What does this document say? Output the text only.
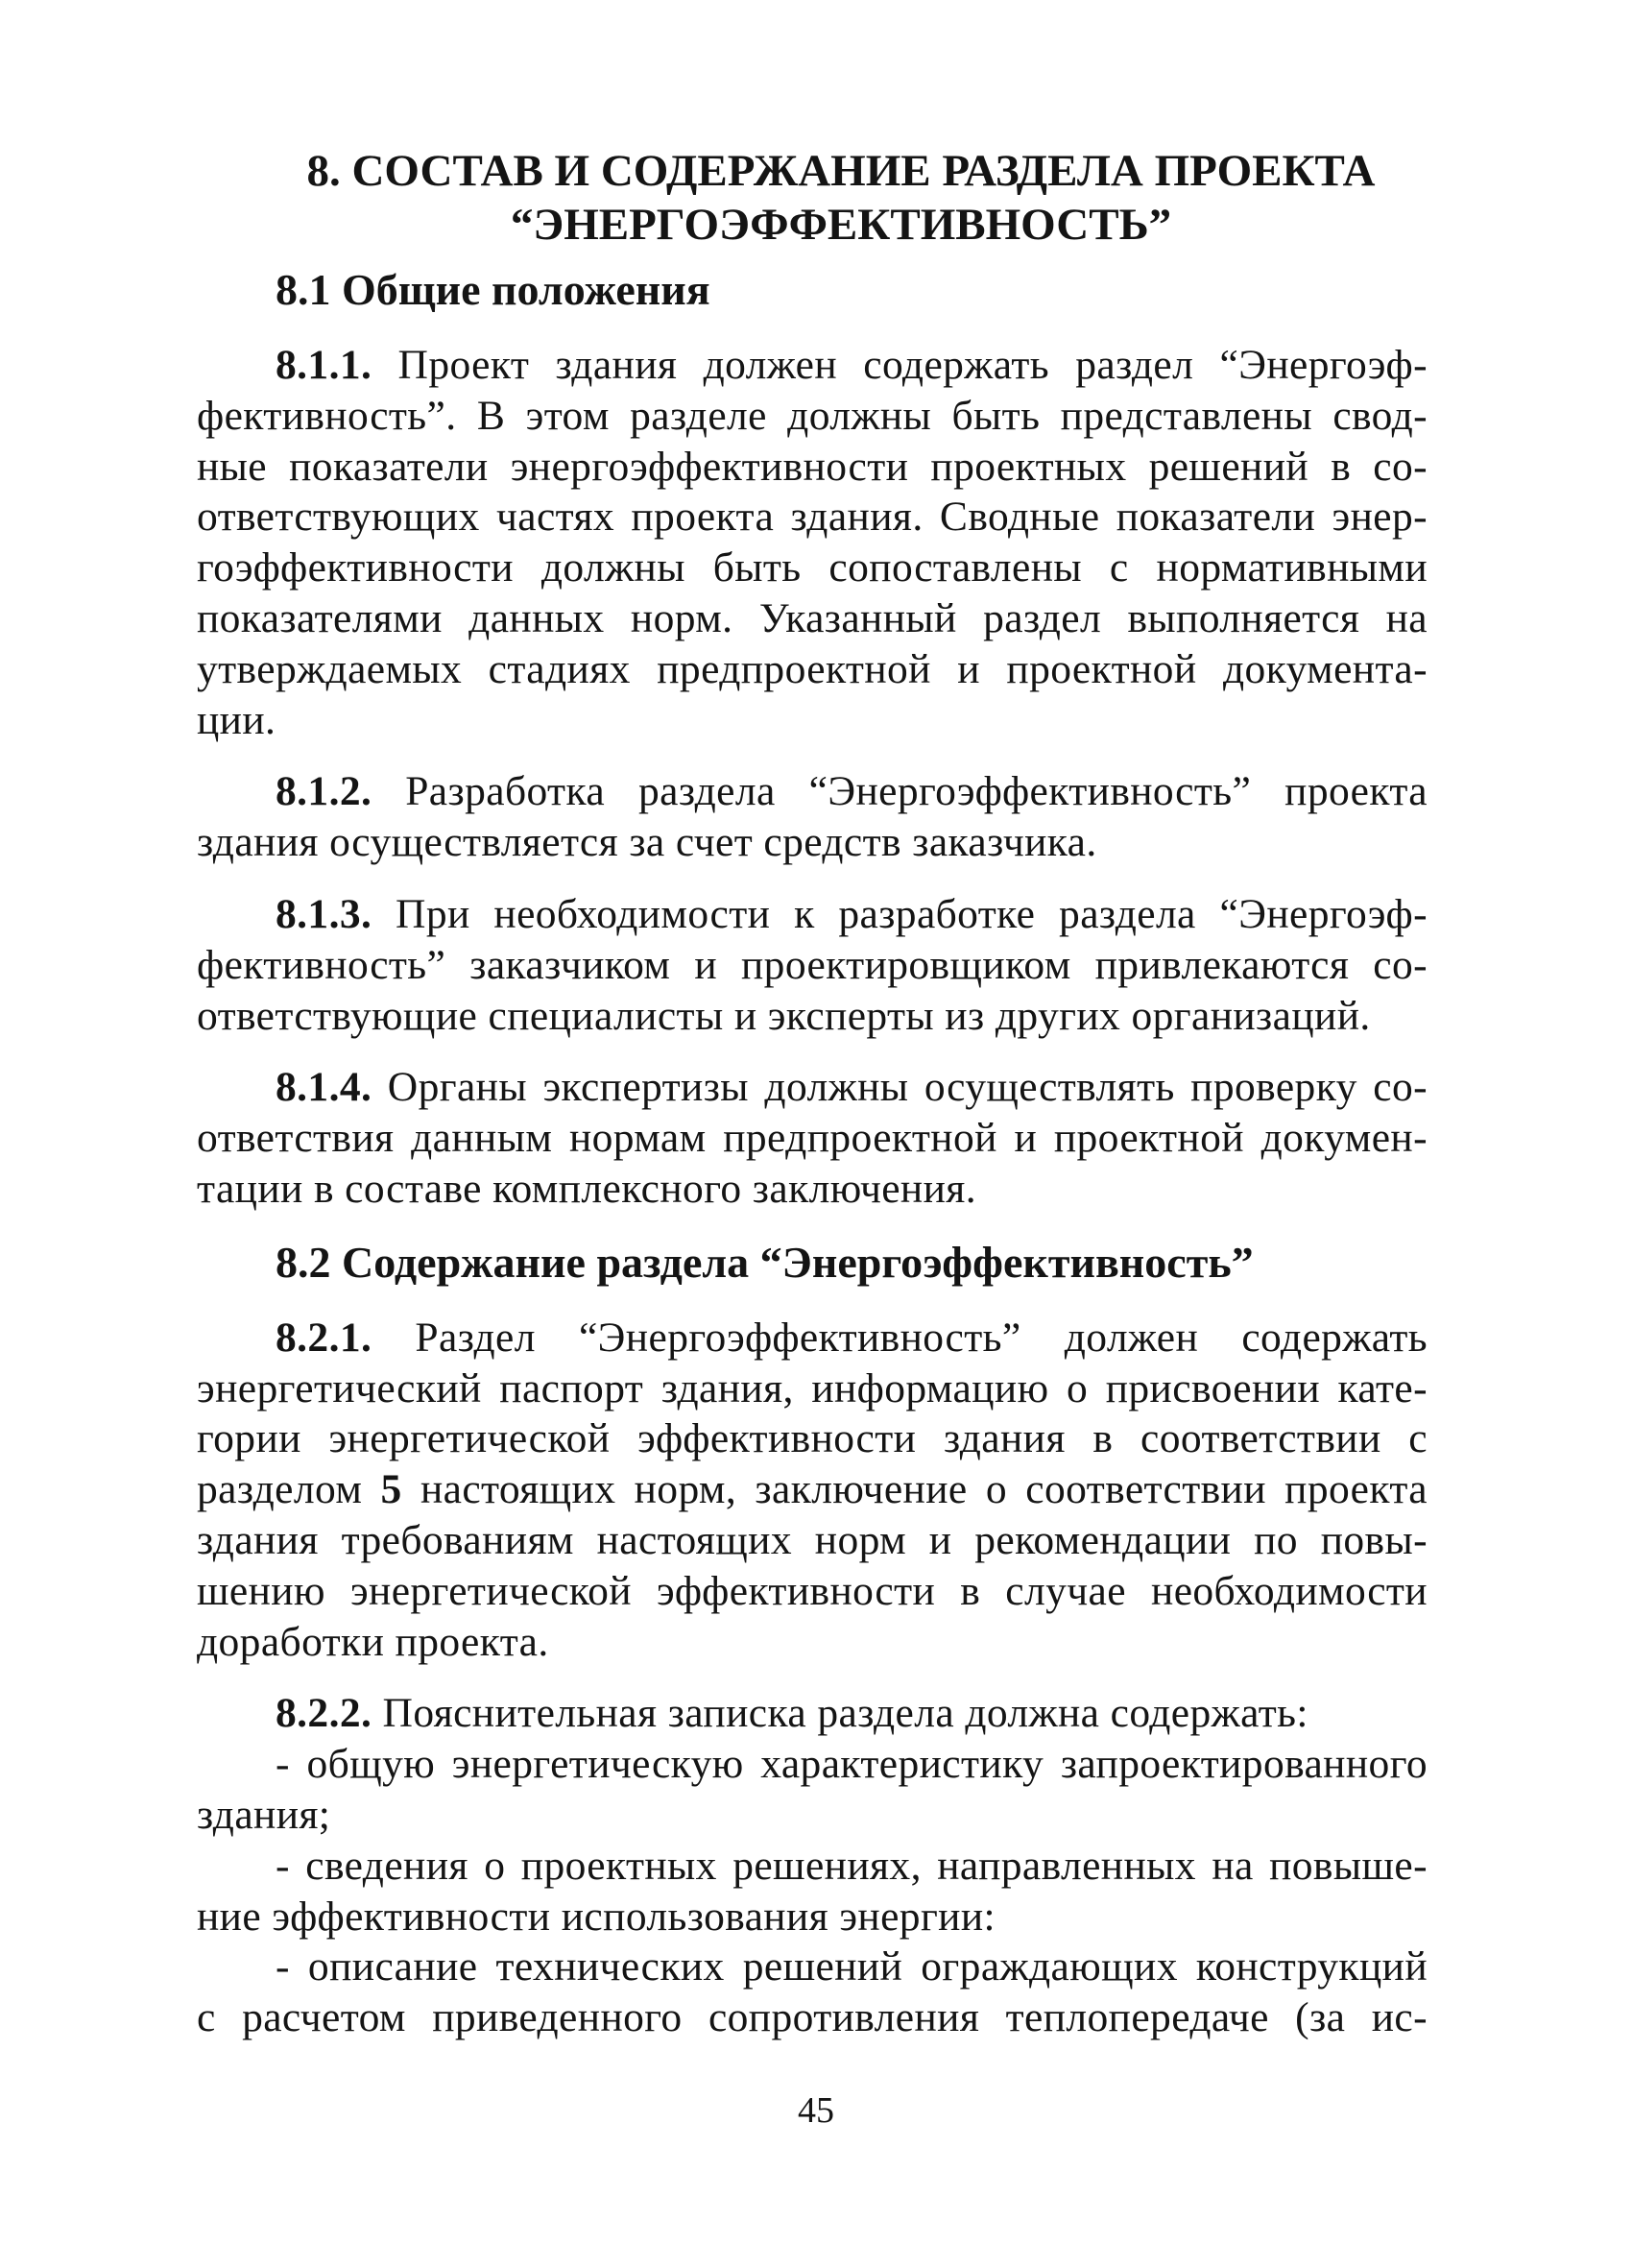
8. СОСТАВ И СОДЕРЖАНИЕ РАЗДЕЛА ПРОЕКТА
“ЭНЕРГОЭФФЕКТИВНОСТЬ”
8.1 Общие положения
8.1.1. Проект здания должен содержать раздел “Энергоэф-
фективность”. В этом разделе должны быть представлены свод-
ные показатели энергоэффективности проектных решений в со-
ответствующих частях проекта здания. Сводные показатели энер-
гоэффективности должны быть сопоставлены с нормативными
показателями данных норм. Указанный раздел выполняется на
утверждаемых стадиях предпроектной и проектной документа-
ции.
8.1.2. Разработка раздела “Энергоэффективность” проекта
здания осуществляется за счет средств заказчика.
8.1.3. При необходимости к разработке раздела “Энергоэф-
фективность” заказчиком и проектировщиком привлекаются со-
ответствующие специалисты и эксперты из других организаций.
8.1.4. Органы экспертизы должны осуществлять проверку со-
ответствия данным нормам предпроектной и проектной докумен-
тации в составе комплексного заключения.
8.2 Содержание раздела “Энергоэффективность”
8.2.1. Раздел “Энергоэффективность” должен содержать
энергетический паспорт здания, информацию о присвоении кате-
гории энергетической эффективности здания в соответствии с
разделом 5 настоящих норм, заключение о соответствии проекта
здания требованиям настоящих норм и рекомендации по повы-
шению энергетической эффективности в случае необходимости
доработки проекта.
8.2.2. Пояснительная записка раздела должна содержать:
- общую энергетическую характеристику запроектированного
здания;
- сведения о проектных решениях, направленных на повыше-
ние эффективности использования энергии:
- описание технических решений ограждающих конструкций
с расчетом приведенного сопротивления теплопередаче (за ис-
45
